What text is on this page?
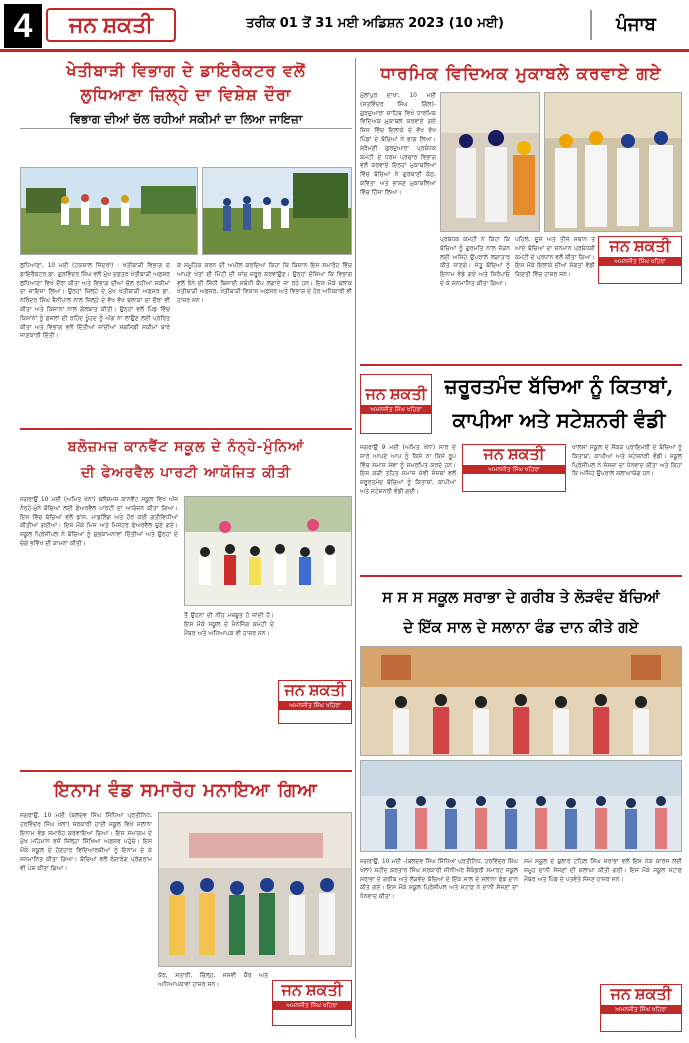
4	ਜਨ ਸ਼ਕਤੀ	ਤਰੀਕ 01 ਤੋਂ 31 ਮਈ ਅਡਿਸ਼ਨ 2023 (10 ਮਈ)	ਪੰਜਾਬ
ਖੇਤੀਬਾੜੀ ਵਿਭਾਗ ਦੇ ਡਾਇਰੈਕਟਰ ਵਲੋਂ
ਲੁਧਿਆਣਾ ਜ਼ਿਲ੍ਹੇ ਦਾ ਵਿਸ਼ੇਸ਼ ਦੌਰਾ
ਵਿਭਾਗ ਦੀਆਂ ਚੱਲ ਰਹੀਆਂ ਸਕੀਮਾਂ ਦਾ ਲਿਆ ਜਾਇਜ਼ਾ
ਲੁਧਿਆਣਾ, 10 ਮਈ (ਟਕਸ਼ਾਲ ਜਿੰਦਰਾਂ) : ਖੇਤੀਬਾੜੀ ਵਿਭਾਗ ਦੇ ਡਾਇਰੈਕਟਰ ਡਾ. ਗੁਰਵਿੰਦਰ ਸਿੰਘ ਵਲੋਂ ਮੁੱਖ ਦਫ਼ਤਰ ਖੇਤੀਬਾੜੀ ਅਫ਼ਸਰ ਲੁਧਿਆਣਾ ਵਿਖੇ ਦੌਰਾ ਕੀਤਾ ਅਤੇ ਵਿਭਾਗ ਦੀਆਂ ਚੱਲ ਰਹੀਆਂ ਸਕੀਮਾਂ ਦਾ ਜਾਇਜ਼ਾ ਲਿਆ। ਉਨ੍ਹਾਂ ਜ਼ਿਲ੍ਹੇ ਦੇ ਮੁੱਖ ਖੇਤੀਬਾੜੀ ਅਫ਼ਸਰ ਡਾ. ਨਰਿੰਦਰ ਸਿੰਘ ਬੈਨੀਪਾਲ ਨਾਲ ਜ਼ਿਲ੍ਹੇ ਦੇ ਵੱਖ ਵੱਖ ਬਲਾਕਾਂ ਦਾ ਦੌਰਾ ਵੀ ਕੀਤਾ ਅਤੇ ਕਿਸਾਨਾਂ ਨਾਲ ਗੱਲਬਾਤ ਕੀਤੀ। ਉਨ੍ਹਾਂ ਵਲੋਂ ਪਿੰਡ ਵਿੱਚ ਕਿਸਾਨਾਂ ਨੂੰ ਫ਼ਸਲਾਂ ਦੀ ਰਹਿੰਦ ਖੂੰਹਦ ਨੂੰ ਅੱਗ ਨਾ ਲਾਉਣ ਲਈ ਪ੍ਰੇਰਿਤ ਕੀਤਾ ਅਤੇ ਵਿਭਾਗ ਵਲੋਂ ਦਿੱਤੀਆਂ ਜਾਂਦੀਆਂ ਸਬਸਿਡੀ ਸਕੀਮਾਂ ਬਾਰੇ ਜਾਣਕਾਰੀ ਦਿੱਤੀ।
ਕੇ ਸਮੂਹਿਕ ਕਰਨ ਦੀ ਅਪੀਲ ਕਰਦਿਆਂ ਕਿਹਾ ਕਿ ਕਿਸਾਨ ਇਸ ਸਮਾਰੋਹ ਵਿੱਚ ਆਪਣੇ ਖੇਤਾਂ ਦੀ ਮਿੱਟੀ ਦੀ ਜਾਂਚ ਜ਼ਰੂਰ ਕਰਵਾਉਣ। ਉਨ੍ਹਾਂ ਦੱਸਿਆ ਕਿ ਵਿਭਾਗ ਵਲੋਂ ਝੋਨੇ ਦੀ ਸਿੱਧੀ ਬਿਜਾਈ ਸਬੰਧੀ ਕੈਂਪ ਲਗਾਏ ਜਾ ਰਹੇ ਹਨ। ਇਸ ਮੌਕੇ ਬਲਾਕ ਖੇਤੀਬਾੜੀ ਅਫ਼ਸਰ, ਖੇਤੀਬਾੜੀ ਵਿਕਾਸ ਅਫ਼ਸਰ ਅਤੇ ਵਿਭਾਗ ਦੇ ਹੋਰ ਅਧਿਕਾਰੀ ਵੀ ਹਾਜ਼ਰ ਸਨ।
ਧਾਰਮਿਕ ਵਿਦਿਅਕ ਮੁਕਾਬਲੇ ਕਰਵਾਏ ਗਏ
ਮੁੱਲਾਂਪੁਰ ਦਾਖਾ, 10 ਮਈ (ਸਤਵਿੰਦਰ ਸਿੰਘ ਗਿੱਲ)- ਗੁਰਦੁਆਰਾ ਸਾਹਿਬ ਵਿਖੇ ਧਾਰਮਿਕ ਵਿਦਿਅਕ ਮੁਕਾਬਲੇ ਕਰਵਾਏ ਗਏ ਜਿਸ ਵਿੱਚ ਇਲਾਕੇ ਦੇ ਵੱਖ ਵੱਖ ਪਿੰਡਾਂ ਦੇ ਬੱਚਿਆਂ ਨੇ ਭਾਗ ਲਿਆ। ਸ਼੍ਰੋਮਣੀ ਗੁਰਦੁਆਰਾ ਪ੍ਰਬੰਧਕ ਕਮੇਟੀ ਦੇ ਧਰਮ ਪ੍ਰਚਾਰ ਵਿਭਾਗ ਵਲੋਂ ਕਰਵਾਏ ਇਨ੍ਹਾਂ ਮੁਕਾਬਲਿਆਂ ਵਿੱਚ ਬੱਚਿਆਂ ਨੇ ਗੁਰਬਾਣੀ ਕੰਠ, ਕਵਿਤਾ ਅਤੇ ਭਾਸ਼ਣ ਮੁਕਾਬਲਿਆਂ ਵਿੱਚ ਹਿੱਸਾ ਲਿਆ।
ਪ੍ਰਬੰਧਕ ਕਮੇਟੀ ਨੇ ਕਿਹਾ ਕਿ ਬੱਚਿਆਂ ਨੂੰ ਗੁਰਮਤਿ ਨਾਲ ਜੋੜਨ ਲਈ ਅਜਿਹੇ ਉਪਰਾਲੇ ਲਗਾਤਾਰ ਕੀਤੇ ਜਾਣਗੇ। ਜੇਤੂ ਬੱਚਿਆਂ ਨੂੰ ਇਨਾਮ ਵੰਡੇ ਗਏ ਅਤੇ ਸਿਰੋਪਾਓ ਦੇ ਕੇ ਸਨਮਾਨਿਤ ਕੀਤਾ ਗਿਆ।
ਪਹਿਲੇ, ਦੂਜੇ ਅਤੇ ਤੀਜੇ ਸਥਾਨ ਤੇ ਆਏ ਬੱਚਿਆਂ ਦਾ ਸਨਮਾਨ ਪ੍ਰਬੰਧਕੀ ਕਮੇਟੀ ਦੇ ਪ੍ਰਧਾਨ ਵਲੋਂ ਕੀਤਾ ਗਿਆ। ਇਸ ਮੌਕੇ ਇਲਾਕੇ ਦੀਆਂ ਸੰਗਤਾਂ ਵੱਡੀ ਗਿਣਤੀ ਵਿੱਚ ਹਾਜ਼ਰ ਸਨ।
ਜਨ ਸ਼ਕਤੀ
ਅਮਨਜੀਤ ਸਿੰਘ ਖਹਿਰਾ
ਜਨ ਸ਼ਕਤੀ
ਅਮਨਜੀਤ ਸਿੰਘ ਖਹਿਰਾ
ਜ਼ਰੂਰਤਮੰਦ ਬੱਚਿਆ ਨੂੰ ਕਿਤਾਬਾਂ,
ਕਾਪੀਆ ਅਤੇ ਸਟੇਸ਼ਨਰੀ ਵੰਡੀ
ਜਗਰਾਉਂ 9 ਮਈ (ਅਮਿਤ ਖੰਨਾ) ਸਾਰੇ ਦੇ ਸਾਰੇ ਆਪਣੇ ਆਪ ਨੂੰ ਕਿਸੇ ਨਾ ਕਿਸੇ ਰੂਪ ਵਿੱਚ ਸਮਾਜ ਸੇਵਾ ਨੂੰ ਸਮਰਪਿਤ ਕਰਦੇ ਹਨ। ਇਸ ਕੜੀ ਤਹਿਤ ਸਮਾਜ ਸੇਵੀ ਸੰਸਥਾ ਵਲੋਂ ਜ਼ਰੂਰਤਮੰਦ ਬੱਚਿਆਂ ਨੂੰ ਕਿਤਾਬਾਂ, ਕਾਪੀਆਂ ਅਤੇ ਸਟੇਸ਼ਨਰੀ ਵੰਡੀ ਗਈ।
ਜਨ ਸ਼ਕਤੀ
ਅਮਨਜੀਤ ਸਿੰਘ ਖਹਿਰਾ
ਖਾਲਸਾ ਸਕੂਲ ਦੇ ਸੈਂਕੜੇ ਪ੍ਰਾਇਮਰੀ ਦੇ ਬੱਚਿਆਂ ਨੂੰ ਕਿਤਾਬਾਂ, ਕਾਪੀਆ ਅਤੇ ਸਟੇਸ਼ਨਰੀ ਵੰਡੀ। ਸਕੂਲ ਪ੍ਰਿੰਸੀਪਲ ਨੇ ਸੰਸਥਾ ਦਾ ਧੰਨਵਾਦ ਕੀਤਾ ਅਤੇ ਕਿਹਾ ਕਿ ਅਜਿਹੇ ਉਪਰਾਲੇ ਸ਼ਲਾਘਾਯੋਗ ਹਨ।
ਬਲੋਜ਼ਮਜ਼ ਕਾਨਵੈਂਟ ਸਕੂਲ ਦੇ ਨੰਨ੍ਹੇ-ਮੁੰਨਿਆਂ
ਦੀ ਫੇਅਰਵੈਲ ਪਾਰਟੀ ਆਯੋਜਿਤ ਕੀਤੀ
ਜਗਰਾਉਂ 10 ਮਈ (ਅਮਿਤ ਖੰਨਾ) ਬਲੋਜ਼ਮਜ਼ ਕਾਨਵੈਂਟ ਸਕੂਲ ਵਿਖੇ ਅੱਜ ਨੰਨ੍ਹੇ-ਮੁੰਨੇ ਬੱਚਿਆਂ ਲਈ ਫੇਅਰਵੈਲ ਪਾਰਟੀ ਦਾ ਆਯੋਜਨ ਕੀਤਾ ਗਿਆ। ਇਸ ਵਿੱਚ ਬੱਚਿਆਂ ਵਲੋਂ ਡਾਂਸ, ਮਾਡਲਿੰਗ ਅਤੇ ਹੋਰ ਕਈ ਗਤੀਵਿਧੀਆਂ ਕੀਤੀਆਂ ਗਈਆਂ। ਇਸ ਮੌਕੇ ਮਿਸ ਅਤੇ ਮਿਸਟਰ ਫੇਅਰਵੈਲ ਚੁਣੇ ਗਏ। ਸਕੂਲ ਪ੍ਰਿੰਸੀਪਲ ਨੇ ਬੱਚਿਆਂ ਨੂੰ ਸ਼ੁਭਕਾਮਨਾਵਾਂ ਦਿੱਤੀਆਂ ਅਤੇ ਉਨ੍ਹਾਂ ਦੇ ਚੰਗੇ ਭਵਿੱਖ ਦੀ ਕਾਮਨਾ ਕੀਤੀ।
ਤੌਂ ਉਹਨਾਂ ਦੀ ਨੀਂਹ ਮਜ਼ਬੂਤ ਹੋ ਜਾਂਦੀ ਹੈ। ਇਸ ਮੌਕੇ ਸਕੂਲ ਦੇ ਮੈਨੇਜਿੰਗ ਕਮੇਟੀ ਦੇ ਮੈਂਬਰ ਅਤੇ ਅਧਿਆਪਕ ਵੀ ਹਾਜ਼ਰ ਸਨ।
ਜਨ ਸ਼ਕਤੀ
ਅਮਨਜੀਤ ਸਿੰਘ ਖਹਿਰਾ
ਇਨਾਮ ਵੰਡ ਸਮਾਰੋਹ ਮਨਾਇਆ ਗਿਆ
ਜਗਰਾਉਂ, 10 ਮਈ (ਬਲਦੇਵ ਸਿੰਘ ਸਿੱਧਿਆ ਪ੍ਰਤੀਨਿਧ, ਹਰਵਿੰਦਰ ਸਿੰਘ ਖੇਲਾ) ਸਰਕਾਰੀ ਹਾਈ ਸਕੂਲ ਵਿਖੇ ਸਲਾਨਾ ਇਨਾਮ ਵੰਡ ਸਮਾਰੋਹ ਕਰਵਾਇਆ ਗਿਆ। ਇਸ ਸਮਾਗਮ ਦੇ ਮੁੱਖ ਮਹਿਮਾਨ ਵਜੋਂ ਜ਼ਿਲ੍ਹਾ ਸਿੱਖਿਆ ਅਫ਼ਸਰ ਪਹੁੰਚੇ। ਇਸ ਮੌਕੇ ਸਕੂਲ ਦੇ ਹੋਣਹਾਰ ਵਿਦਿਆਰਥੀਆਂ ਨੂੰ ਇਨਾਮ ਦੇ ਕੇ ਸਨਮਾਨਿਤ ਕੀਤਾ ਗਿਆ। ਬੱਚਿਆਂ ਵਲੋਂ ਰੰਗਾਰੰਗ ਪ੍ਰੋਗਰਾਮ ਵੀ ਪੇਸ਼ ਕੀਤਾ ਗਿਆ।
ਕੋਰ, ਸਤਾਰੀ, ਚਿੱਲ੍ਹ, ਜਸਵੀ ਕੌਰ ਅਤੇ ਅਧਿਆਪਕਾਵਾਂ ਹਾਜ਼ਰ ਸਨ।	ਜਨ ਸ਼ਕਤੀ
ਅਮਨਜੀਤ ਸਿੰਘ ਖਹਿਰਾ
ਸ ਸ ਸ ਸਕੂਲ ਸਰਾਭਾ ਦੇ ਗਰੀਬ ਤੇ ਲੋੜਵੰਦ ਬੱਚਿਆਂ
ਦੇ ਇੱਕ ਸਾਲ ਦੇ ਸਲਾਨਾ ਫੰਡ ਦਾਨ ਕੀਤੇ ਗਏ
ਜਗਰਾਉਂ, 10 ਮਈ -(ਬਲਦੇਵ ਸਿੰਘ ਸਿੱਧਿਆ ਪ੍ਰਤੀਨਿਧ, ਹਰਵਿੰਦਰ ਸਿੰਘ ਖੇਲਾ) ਸ਼ਹੀਦ ਕਰਤਾਰ ਸਿੰਘ ਸਰਕਾਰੀ ਸੀਨੀਅਰ ਸੈਕੰਡਰੀ ਸਮਾਰਟ ਸਕੂਲ ਸਰਾਭਾ ਦੇ ਗਰੀਬ ਅਤੇ ਲੋੜਵੰਦ ਬੱਚਿਆਂ ਦੇ ਇੱਕ ਸਾਲ ਦੇ ਸਲਾਨਾ ਫੰਡ ਦਾਨ ਕੀਤੇ ਗਏ। ਇਸ ਮੌਕੇ ਸਕੂਲ ਪ੍ਰਿੰਸੀਪਲ ਅਤੇ ਸਟਾਫ਼ ਨੇ ਦਾਨੀ ਸੱਜਣਾਂ ਦਾ ਧੰਨਵਾਦ ਕੀਤਾ।
ਸਮੇਂ ਸਕੂਲ ਦੇ ਬੁਲਾਰੇ ਟਹਿਲ ਸਿੰਘ ਸਰਾਭਾ ਵਲੋਂ ਇਸ ਨੇਕ ਕਾਰਜ ਲਈ ਸਮੂਹ ਦਾਨੀ ਸੱਜਣਾਂ ਦੀ ਸ਼ਲਾਘਾ ਕੀਤੀ ਗਈ। ਇਸ ਮੌਕੇ ਸਕੂਲ ਸਟਾਫ਼ ਮੈਂਬਰ ਅਤੇ ਪਿੰਡ ਦੇ ਪਤਵੰਤੇ ਸੱਜਣ ਹਾਜ਼ਰ ਸਨ।
ਜਨ ਸ਼ਕਤੀ
ਅਮਨਜੀਤ ਸਿੰਘ ਖਹਿਰਾ
